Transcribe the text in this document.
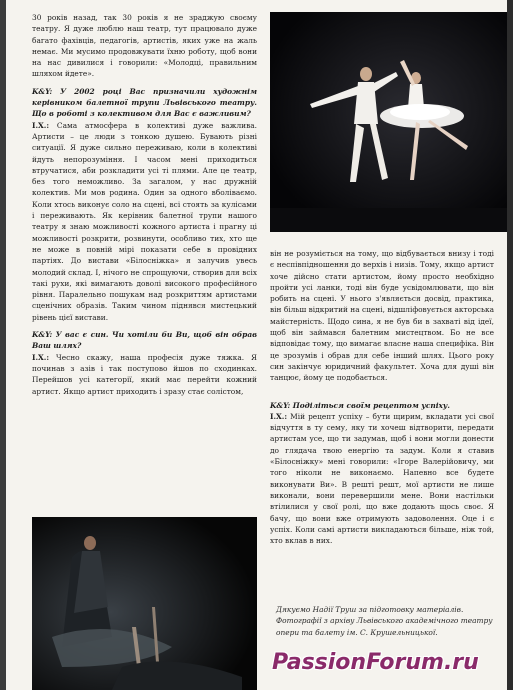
30 років назад, так 30 років я не зраджую своєму театру. Я дуже люблю наш театр, тут працювало дуже багато фахівців, педагогів, артистів, яких уже на жаль немає. Ми мусимо продовжувати їхню роботу, щоб вони на нас дивилися і говорили: «Молодці, правильним шляхом йдете».

K&Y: У 2002 році Вас призначили художнім керівником балетної трупи Львівського театру. Що в роботі з колективом для Вас є важливим?

І.Х.: Сама атмосфера в колективі дуже важлива. Артисти – це люди з тонкою душею. Бувають різні ситуації. Я дуже сильно переживаю, коли в колективі йдуть непорозуміння. І часом мені приходиться втручатися, аби розкладити усі ті плями. Але це театр, без того неможливо. За загалом, у нас дружній колектив. Ми мов родина. Один за одного вболіваємо. Коли хтось виконує соло на сцені, всі стоять за кулісами і переживають. Як керівник балетної трупи нашого театру я знаю можливості кожного артиста і прагну ці можливості розкрити, розвинути, особливо тих, хто ще не може в повній мірі показати себе в провідних партіях. До вистави «Білосніжка» я залучив увесь молодий склад. І, нічого не спрощуючи, створив для всіх такі рухи, які вимагають доволі високого професійного рівня. Паралельно пошукам над розкриттям артистами сценічних образів. Таким чином піднявся мистецький рівень цієї вистави.

K&Y: У вас є син. Чи хотіли би Ви, щоб він обрав Ваш шлях?

І.Х.: Чесно скажу, наша професія дуже тяжка. Я починав з азів і так поступово йшов по сходинках. Перейшов усі категорії, який має перейти кожний артист. Якщо артист приходить і зразу стає солістом,

він не розуміється на тому, що відбувається внизу і тоді є неспівпідношення до верхів і низів. Тому, якщо артист хоче дійсно стати артистом, йому просто необхідно пройти усі ланки, тоді він буде усвідомлювати, що він робить на сцені. У нього з'являється досвід, практика, він більш відкритий на сцені, відшліфовується акторська майстерність. Щодо сина, я не був би в захваті від ідеї, щоб він займався балетним мистецтвом. Бо не все відповідає тому, що вимагає власне наша специфіка. Він це зрозумів і обрав для себе інший шлях. Цього року син закінчує юридичний факультет. Хоча для душі він танцює, йому це подобається.

K&Y: Поділіться своїм рецептом успіху.

І.Х.: Мій рецепт успіху – бути щирим, вкладати усі свої відчуття в ту сему, яку ти хочеш відтворити, передати артистам усе, що ти задумав, щоб і вони могли донести до глядача твою енергію та задум. Коли я ставив «Білосніжку» мені говорили: «Ігоре Валерійовичу, ми того ніколи не виконаємо. Напевно все будете виконувати Ви». В решті решт, мої артисти не лише виконали, вони перевершили мене. Вони настільки втілилися у свої ролі, що вже додають щось своє. Я бачу, що вони вже отримують задоволення. Оце і є успіх. Коли самі артисти викладаються більше, ніж той, хто вклав в них.

Дякуємо Надії Труш за підготовку матеріалів. Фотографії з архіву Львівського академічного театру опери та балету ім. С. Крушельницької.
PassionForum.ru
